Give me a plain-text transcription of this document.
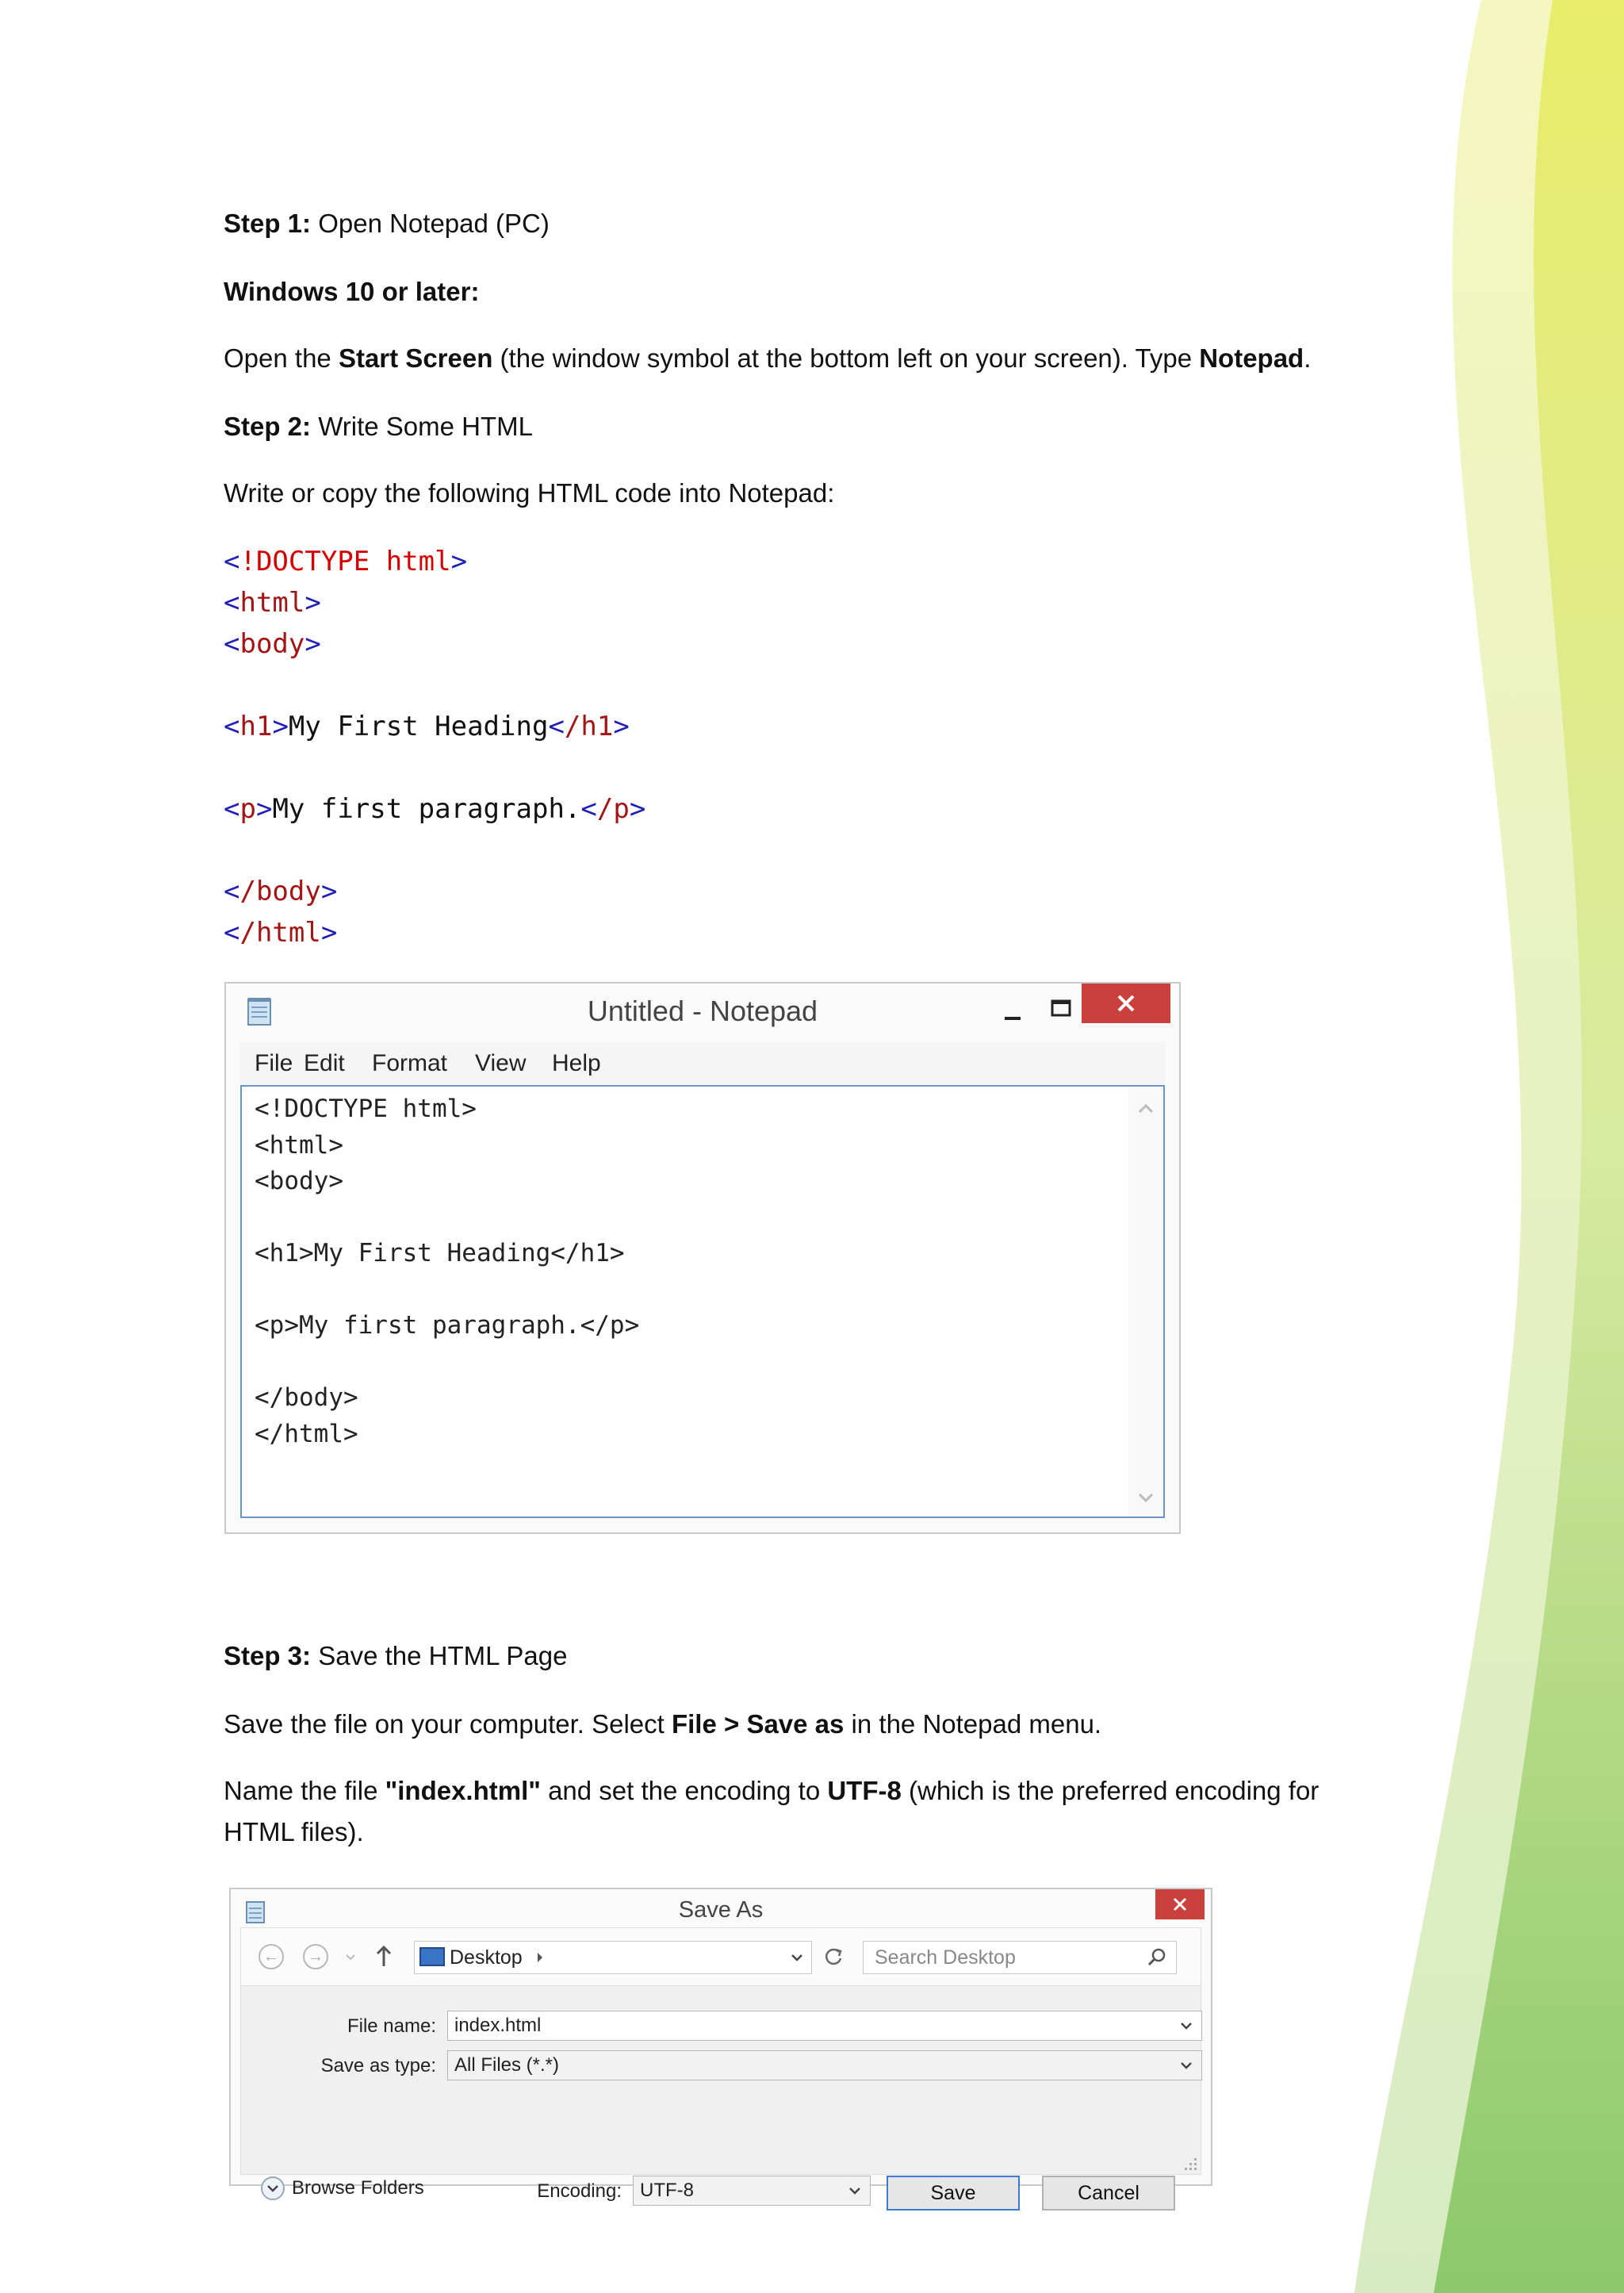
Step 1: Open Notepad (PC)

Windows 10 or later:

Open the Start Screen (the window symbol at the bottom left on your screen). Type Notepad.

Step 2: Write Some HTML

Write or copy the following HTML code into Notepad:

<!DOCTYPE html>
<html>
<body>
<h1>My First Heading</h1>
<p>My first paragraph.</p>
</body>
</html>
Untitled - Notepad
File Edit Format View Help
<!DOCTYPE html>
<html>
<body>

<h1>My First Heading</h1>

<p>My first paragraph.</p>

</body>
</html>

Step 3: Save the HTML Page

Save the file on your computer. Select File > Save as in the Notepad menu.

Name the file "index.html" and set the encoding to UTF-8 (which is the preferred encoding for
HTML files).

Save As
←	→	Desktop	Search Desktop
File name: index.html
Save as type: All Files (*.*)
Browse Folders	Encoding: UTF-8	Save	Cancel
